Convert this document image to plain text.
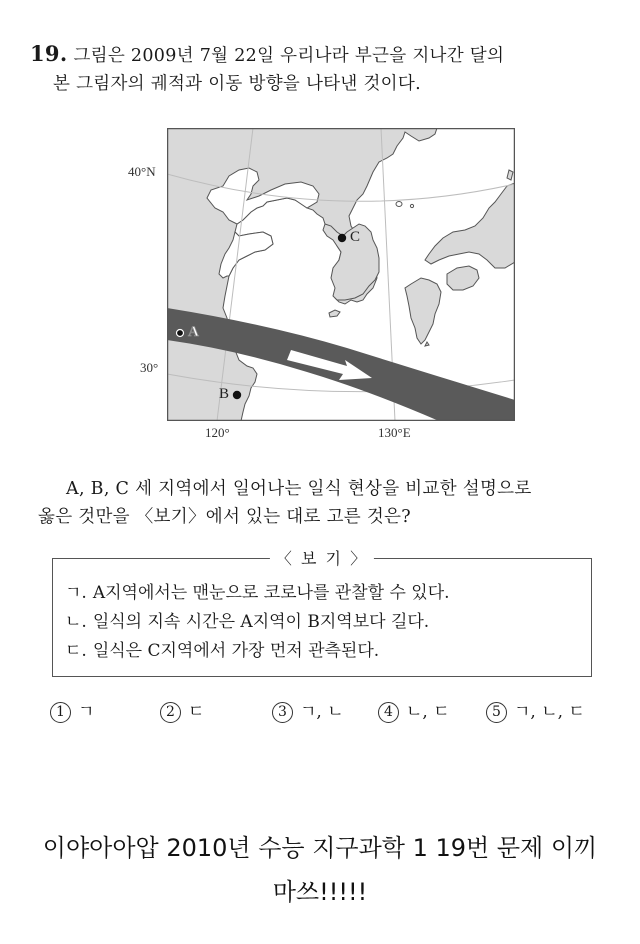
19. 그림은 2009년 7월 22일 우리나라 부근을 지나간 달의
본 그림자의 궤적과 이동 방향을 나타낸 것이다.
40°N
30°
120°	130°E
A
B
C
A, B, C 세 지역에서 일어나는 일식 현상을 비교한 설명으로
옳은 것만을 〈보기〉에서 있는 대로 고른 것은?
〈 보 기 〉
ㄱ. A지역에서는 맨눈으로 코로나를 관찰할 수 있다.
ㄴ. 일식의 지속 시간은 A지역이 B지역보다 길다.
ㄷ. 일식은 C지역에서 가장 먼저 관측된다.
1 ㄱ	2 ㄷ	3 ㄱ, ㄴ	4 ㄴ, ㄷ	5 ㄱ, ㄴ, ㄷ
이야아아압 2010년 수능 지구과학 1 19번 문제 이끼
마쓰!!!!!
